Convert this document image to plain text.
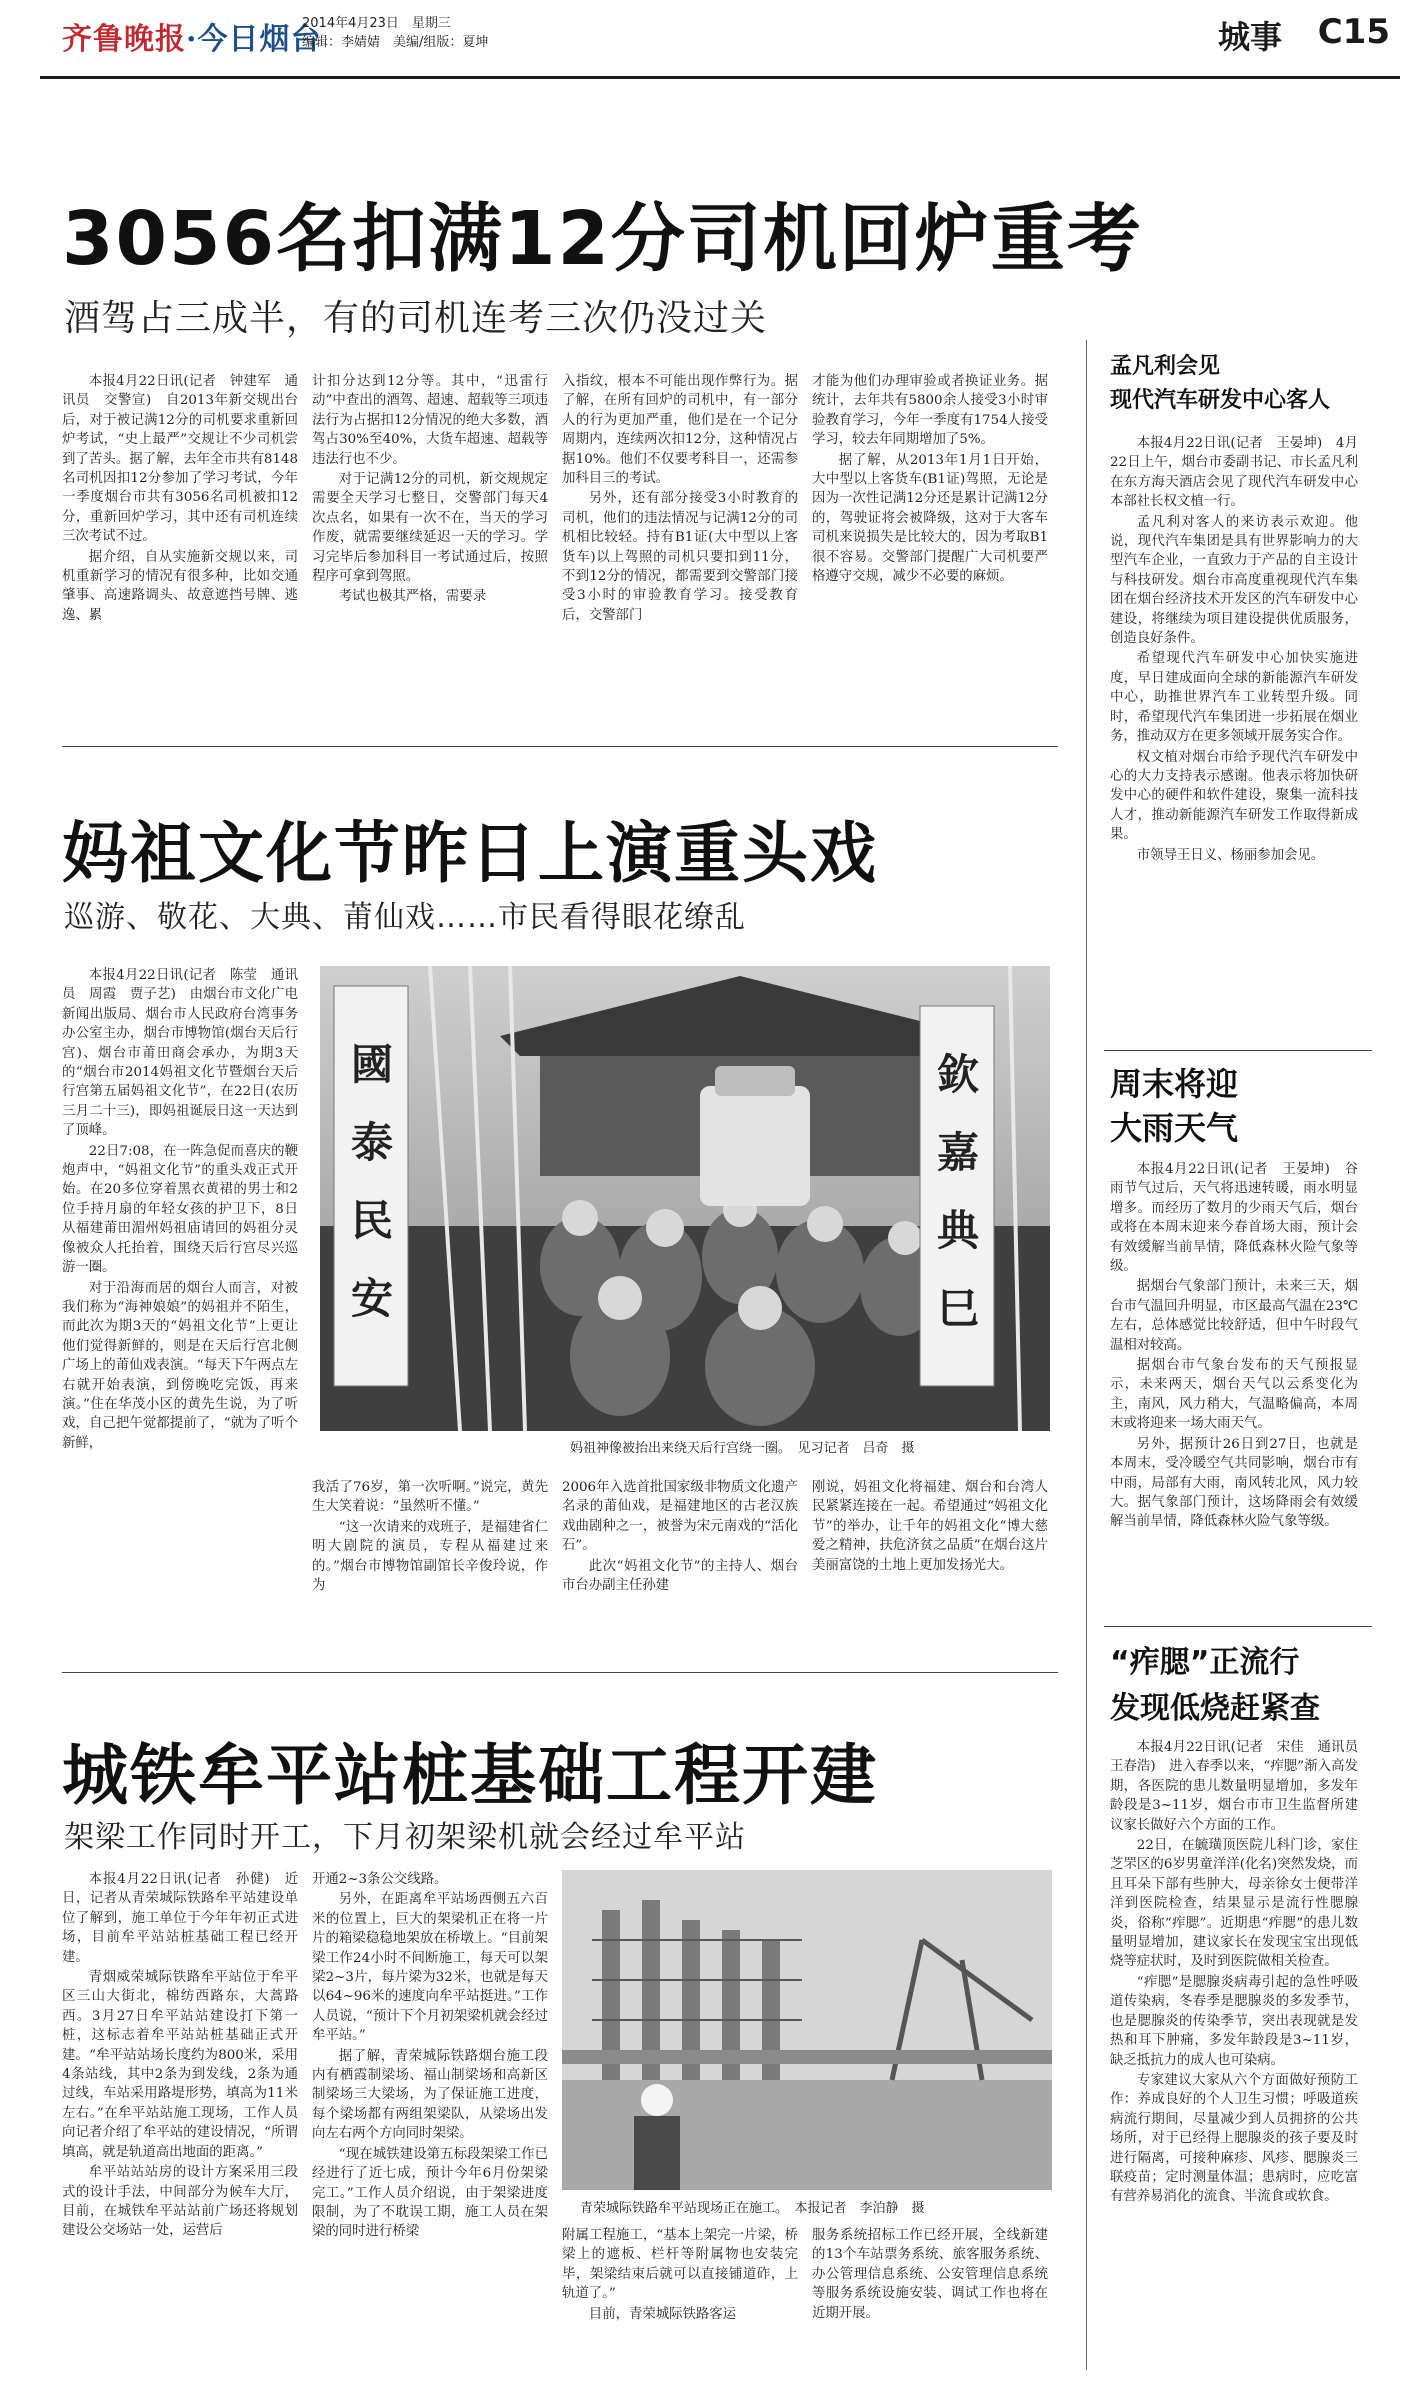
齐鲁晚报·今日烟台
2014年4月23日　星期三
编辑：李婧婧　美编/组版：夏坤	城事 C15
3056名扣满12分司机回炉重考
酒驾占三成半，有的司机连考三次仍没过关

本报4月22日讯(记者　钟建军　通讯员　交警宣)　自2013年新交规出台后，对于被记满12分的司机要求重新回炉考试，“史上最严”交规让不少司机尝到了苦头。据了解，去年全市共有8148名司机因扣12分参加了学习考试，今年一季度烟台市共有3056名司机被扣12分，重新回炉学习，其中还有司机连续三次考试不过。

据介绍，自从实施新交规以来，司机重新学习的情况有很多种，比如交通肇事、高速路调头、故意遮挡号牌、逃逸、累

计扣分达到12分等。其中，“迅雷行动”中查出的酒驾、超速、超载等三项违法行为占据扣12分情况的绝大多数，酒驾占30%至40%，大货车超速、超载等违法行也不少。

对于记满12分的司机，新交规规定需要全天学习七整日，交警部门每天4次点名，如果有一次不在，当天的学习作废，就需要继续延迟一天的学习。学习完毕后参加科目一考试通过后，按照程序可拿到驾照。

考试也极其严格，需要录

入指纹，根本不可能出现作弊行为。据了解，在所有回炉的司机中，有一部分人的行为更加严重，他们是在一个记分周期内，连续两次扣12分，这种情况占据10%。他们不仅要考科目一，还需参加科目三的考试。

另外，还有部分接受3小时教育的司机，他们的违法情况与记满12分的司机相比较轻。持有B1证(大中型以上客货车)以上驾照的司机只要扣到11分，不到12分的情况，都需要到交警部门接受3小时的审验教育学习。接受教育后，交警部门

才能为他们办理审验或者换证业务。据统计，去年共有5800余人接受3小时审验教育学习，今年一季度有1754人接受学习，较去年同期增加了5%。

据了解，从2013年1月1日开始，大中型以上客货车(B1证)驾照，无论是因为一次性记满12分还是累计记满12分的，驾驶证将会被降级，这对于大客车司机来说损失是比较大的，因为考取B1很不容易。交警部门提醒广大司机要严格遵守交规，减少不必要的麻烦。

妈祖文化节昨日上演重头戏
巡游、敬花、大典、莆仙戏……市民看得眼花缭乱

本报4月22日讯(记者　陈莹　通讯员　周霞　贾子艺)　由烟台市文化广电新闻出版局、烟台市人民政府台湾事务办公室主办，烟台市博物馆(烟台天后行宫)、烟台市莆田商会承办，为期3天的“烟台市2014妈祖文化节暨烟台天后行宫第五届妈祖文化节”，在22日(农历三月二十三)，即妈祖诞辰日这一天达到了顶峰。

22日7:08，在一阵急促而喜庆的鞭炮声中，“妈祖文化节”的重头戏正式开始。在20多位穿着黑衣黄裙的男士和2位手持月扇的年轻女孩的护卫下，8日从福建莆田湄州妈祖庙请回的妈祖分灵像被众人托抬着，围绕天后行宫尽兴巡游一圈。

对于沿海而居的烟台人而言，对被我们称为“海神娘娘”的妈祖并不陌生，而此次为期3天的“妈祖文化节”上更让他们觉得新鲜的，则是在天后行宫北侧广场上的莆仙戏表演。“每天下午两点左右就开始表演，到傍晚吃完饭，再来演。”住在华茂小区的黄先生说，为了听戏，自己把午觉都提前了，“就为了听个新鲜，

國泰民安
欽嘉典巳
妈祖神像被抬出来绕天后行宫绕一圈。　见习记者　吕奇　摄

我活了76岁，第一次听啊。”说完，黄先生大笑着说：“虽然听不懂。”

“这一次请来的戏班子，是福建省仁明大剧院的演员，专程从福建过来的。”烟台市博物馆副馆长辛俊玲说，作为

2006年入选首批国家级非物质文化遗产名录的莆仙戏，是福建地区的古老汉族戏曲剧种之一，被誉为宋元南戏的“活化石”。

此次“妈祖文化节”的主持人、烟台市台办副主任孙建

刚说，妈祖文化将福建、烟台和台湾人民紧紧连接在一起。希望通过“妈祖文化节”的举办，让千年的妈祖文化“博大慈爱之精神，扶危济贫之品质”在烟台这片美丽富饶的土地上更加发扬光大。

城铁牟平站桩基础工程开建
架梁工作同时开工，下月初架梁机就会经过牟平站

本报4月22日讯(记者　孙健)　近日，记者从青荣城际铁路牟平站建设单位了解到，施工单位于今年年初正式进场，目前牟平站站桩基础工程已经开建。

青烟威荣城际铁路牟平站位于牟平区三山大街北，棉纺西路东，大蒿路西。3月27日牟平站站建设打下第一桩，这标志着牟平站站桩基础正式开建。“牟平站站场长度约为800米，采用4条站线，其中2条为到发线，2条为通过线，车站采用路堤形势，填高为11米左右。”在牟平站站施工现场，工作人员向记者介绍了牟平站的建设情况，“所谓填高，就是轨道高出地面的距离。”

牟平站站站房的设计方案采用三段式的设计手法，中间部分为候车大厅，目前，在城铁牟平站站前广场还将规划建设公交场站一处，运营后

开通2~3条公交线路。

另外，在距离牟平站场西侧五六百米的位置上，巨大的架梁机正在将一片片的箱梁稳稳地架放在桥墩上。“目前架梁工作24小时不间断施工，每天可以架梁2~3片，每片梁为32米，也就是每天以64~96米的速度向牟平站挺进。”工作人员说，“预计下个月初架梁机就会经过牟平站。”

据了解，青荣城际铁路烟台施工段内有栖霞制梁场、福山制梁场和高新区制梁场三大梁场，为了保证施工进度，每个梁场都有两组架梁队，从梁场出发向左右两个方向同时架梁。

“现在城铁建设第五标段架梁工作已经进行了近七成，预计今年6月份架梁完工。”工作人员介绍说，由于架梁进度限制，为了不耽误工期，施工人员在架梁的同时进行桥梁

青荣城际铁路牟平站现场正在施工。　本报记者　李泊静　摄

附属工程施工，“基本上架完一片梁，桥梁上的遮板、栏杆等附属物也安装完毕，架梁结束后就可以直接铺道砟，上轨道了。”

目前，青荣城际铁路客运

服务系统招标工作已经开展，全线新建的13个车站票务系统、旅客服务系统、办公管理信息系统、公安管理信息系统等服务系统设施安装、调试工作也将在近期开展。

孟凡利会见
现代汽车研发中心客人

本报4月22日讯(记者　王晏坤)　4月22日上午，烟台市委副书记、市长孟凡利在东方海天酒店会见了现代汽车研发中心本部社长权文植一行。

孟凡利对客人的来访表示欢迎。他说，现代汽车集团是具有世界影响力的大型汽车企业，一直致力于产品的自主设计与科技研发。烟台市高度重视现代汽车集团在烟台经济技术开发区的汽车研发中心建设，将继续为项目建设提供优质服务，创造良好条件。

希望现代汽车研发中心加快实施进度，早日建成面向全球的新能源汽车研发中心，助推世界汽车工业转型升级。同时，希望现代汽车集团进一步拓展在烟业务，推动双方在更多领域开展务实合作。

权文植对烟台市给予现代汽车研发中心的大力支持表示感谢。他表示将加快研发中心的硬件和软件建设，聚集一流科技人才，推动新能源汽车研发工作取得新成果。

市领导王日义、杨丽参加会见。

周末将迎
大雨天气

本报4月22日讯(记者　王晏坤)　谷雨节气过后，天气将迅速转暖，雨水明显增多。而经历了数月的少雨天气后，烟台或将在本周末迎来今春首场大雨，预计会有效缓解当前旱情，降低森林火险气象等级。

据烟台气象部门预计，未来三天，烟台市气温回升明显，市区最高气温在23℃左右，总体感觉比较舒适，但中午时段气温相对较高。

据烟台市气象台发布的天气预报显示，未来两天，烟台天气以云系变化为主，南风，风力稍大，气温略偏高，本周末或将迎来一场大雨天气。

另外，据预计26日到27日，也就是本周末，受冷暖空气共同影响，烟台市有中雨，局部有大雨，南风转北风，风力较大。据气象部门预计，这场降雨会有效缓解当前旱情，降低森林火险气象等级。

“痄腮”正流行
发现低烧赶紧查

本报4月22日讯(记者　宋佳　通讯员　王春浩)　进入春季以来，“痄腮”渐入高发期，各医院的患儿数量明显增加，多发年龄段是3~11岁，烟台市市卫生监督所建议家长做好六个方面的工作。

22日，在毓璜顶医院儿科门诊，家住芝罘区的6岁男童洋洋(化名)突然发烧，而且耳朵下部有些肿大，母亲徐女士便带洋洋到医院检查，结果显示是流行性腮腺炎，俗称“痄腮”。近期患“痄腮”的患儿数量明显增加，建议家长在发现宝宝出现低烧等症状时，及时到医院做相关检查。

“痄腮”是腮腺炎病毒引起的急性呼吸道传染病，冬春季是腮腺炎的多发季节，也是腮腺炎的传染季节，突出表现就是发热和耳下肿痛，多发年龄段是3~11岁，缺乏抵抗力的成人也可染病。

专家建议大家从六个方面做好预防工作：养成良好的个人卫生习惯；呼吸道疾病流行期间，尽量减少到人员拥挤的公共场所，对于已经得上腮腺炎的孩子要及时进行隔离，可接种麻疹、风疹、腮腺炎三联疫苗；定时测量体温；患病时，应吃富有营养易消化的流食、半流食或软食。
